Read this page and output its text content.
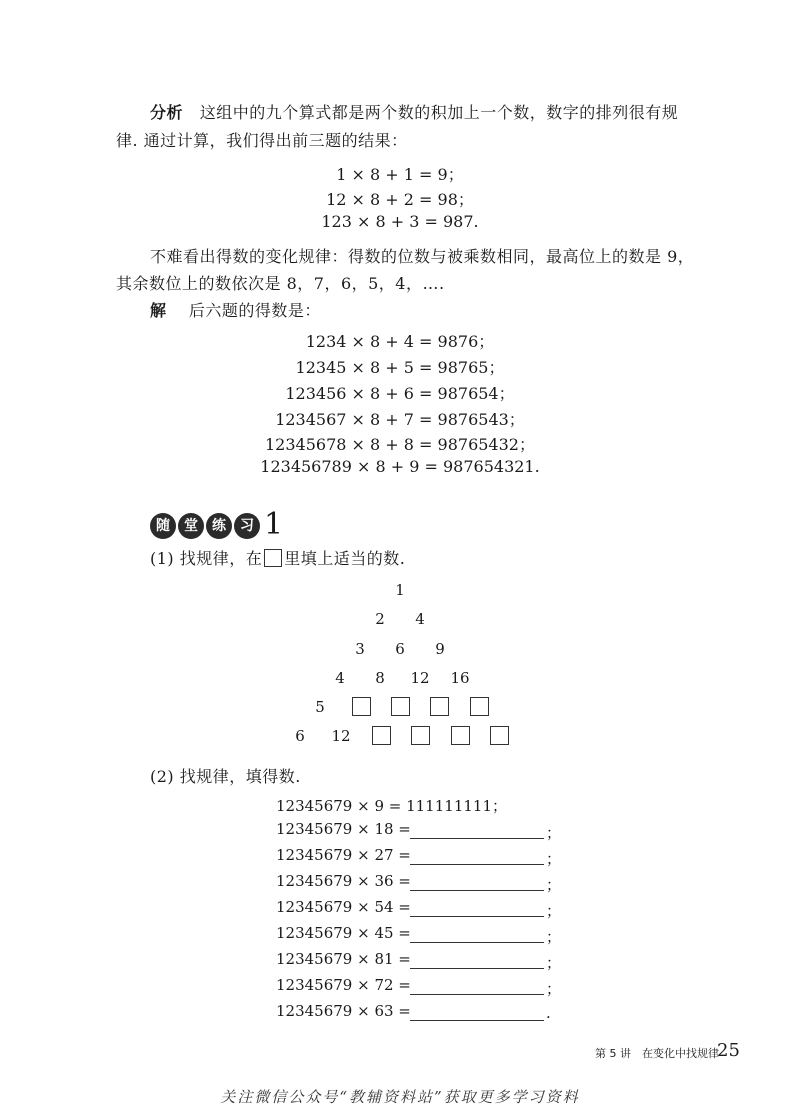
分析 这组中的九个算式都是两个数的积加上一个数，数字的排列很有规
律. 通过计算，我们得出前三题的结果：
1 × 8 + 1 = 9；
12 × 8 + 2 = 98；
123 × 8 + 3 = 987.
不难看出得数的变化规律：得数的位数与被乘数相同，最高位上的数是 9，
其余数位上的数依次是 8，7，6，5，4，….
解 后六题的得数是：
1234 × 8 + 4 = 9876；
12345 × 8 + 5 = 98765；
123456 × 8 + 6 = 987654；
1234567 × 8 + 7 = 9876543；
12345678 × 8 + 8 = 98765432；
123456789 × 8 + 9 = 987654321.
随 堂 练 习 1
(1) 找规律，在 里填上适当的数.
1
2	4
3	6	9
4	8	12	16
5
6	12
(2) 找规律，填得数.
12345679 × 9 = 111111111；
12345679 × 18 =	；
12345679 × 27 =	；
12345679 × 36 =	；
12345679 × 54 =	；
12345679 × 45 =	；
12345679 × 81 =	；
12345679 × 72 =	；
12345679 × 63 =	.
第 5 讲　在变化中找规律
25
关注微信公众号“教辅资料站”获取更多学习资料
